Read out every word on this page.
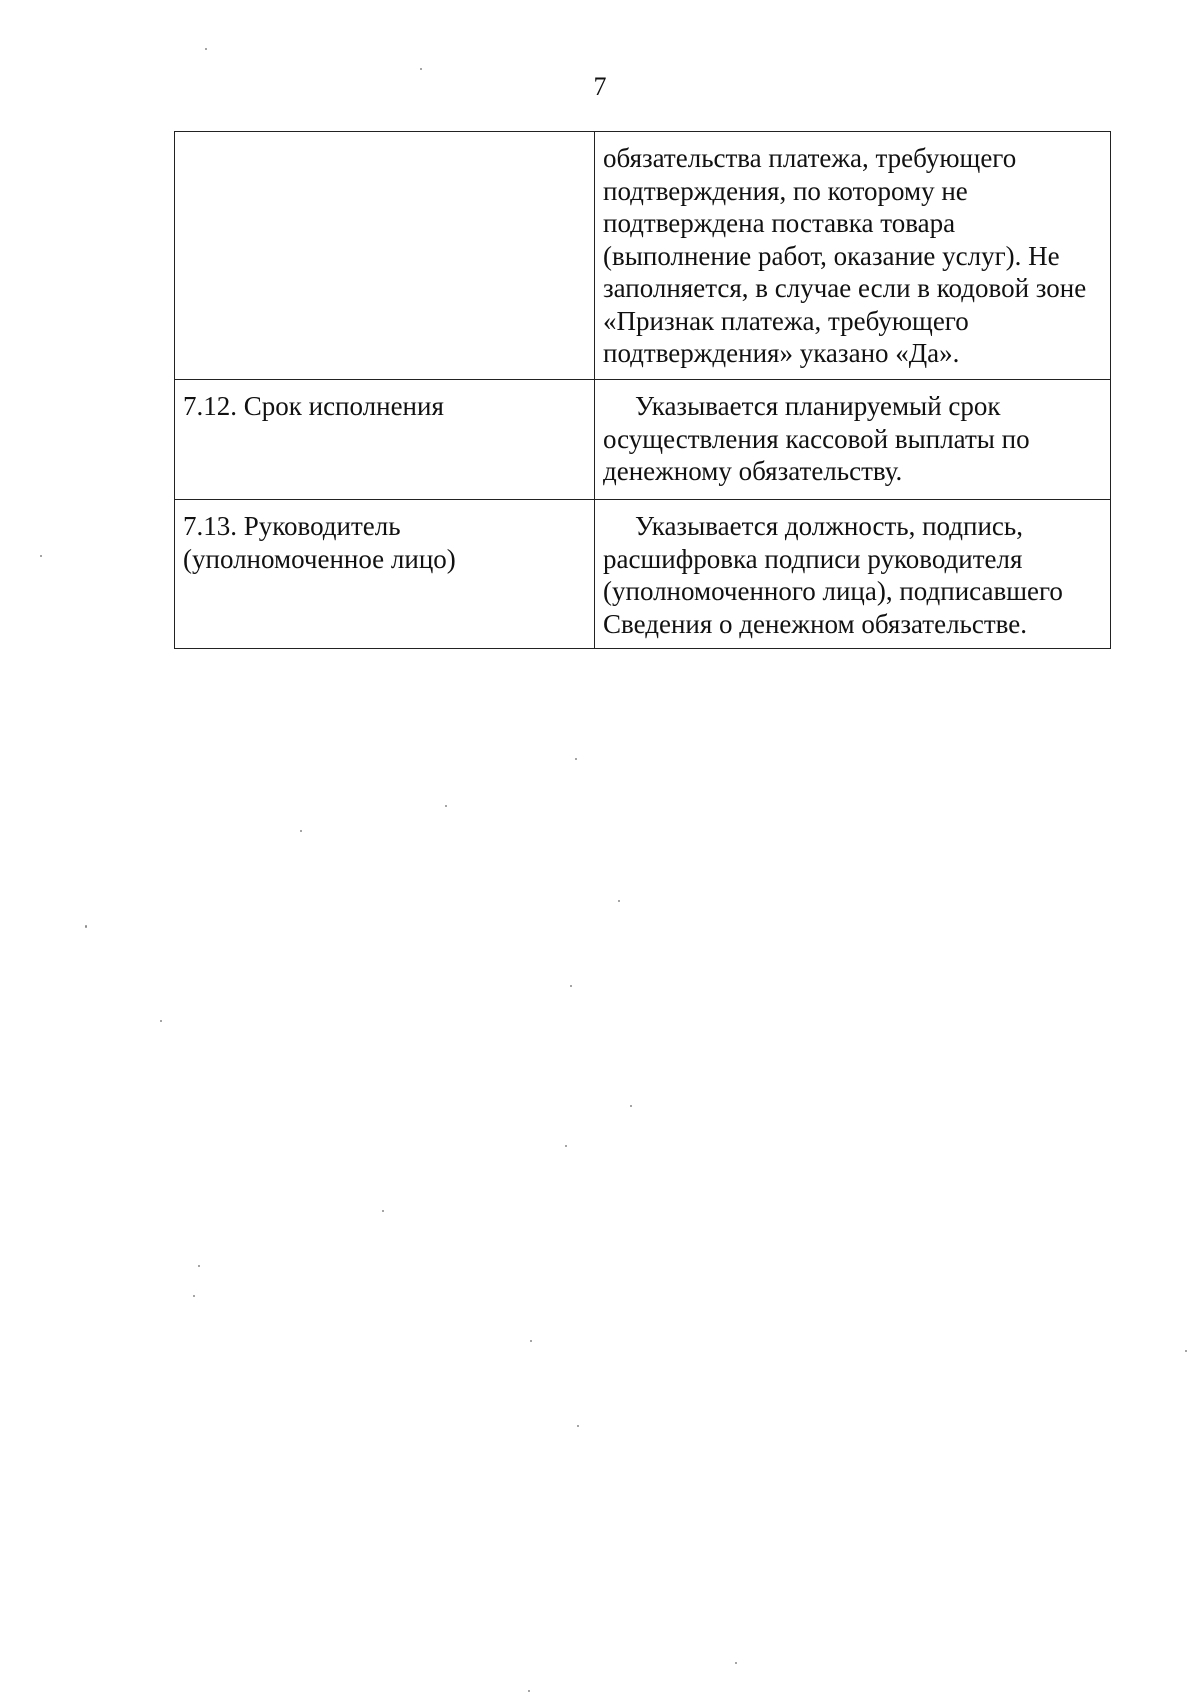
7
	обязательства платежа, требующего подтверждения, по которому не подтверждена поставка товара (выполнение работ, оказание услуг). Не заполняется, в случае если в кодовой зоне «Признак платежа, требующего подтверждения» указано «Да».
7.12. Срок исполнения	Указывается планируемый срок осуществления кассовой выплаты по денежному обязательству.
7.13. Руководитель (уполномоченное лицо)	Указывается должность, подпись, расшифровка подписи руководителя (уполномоченного лица), подписавшего Сведения о денежном обязательстве.
